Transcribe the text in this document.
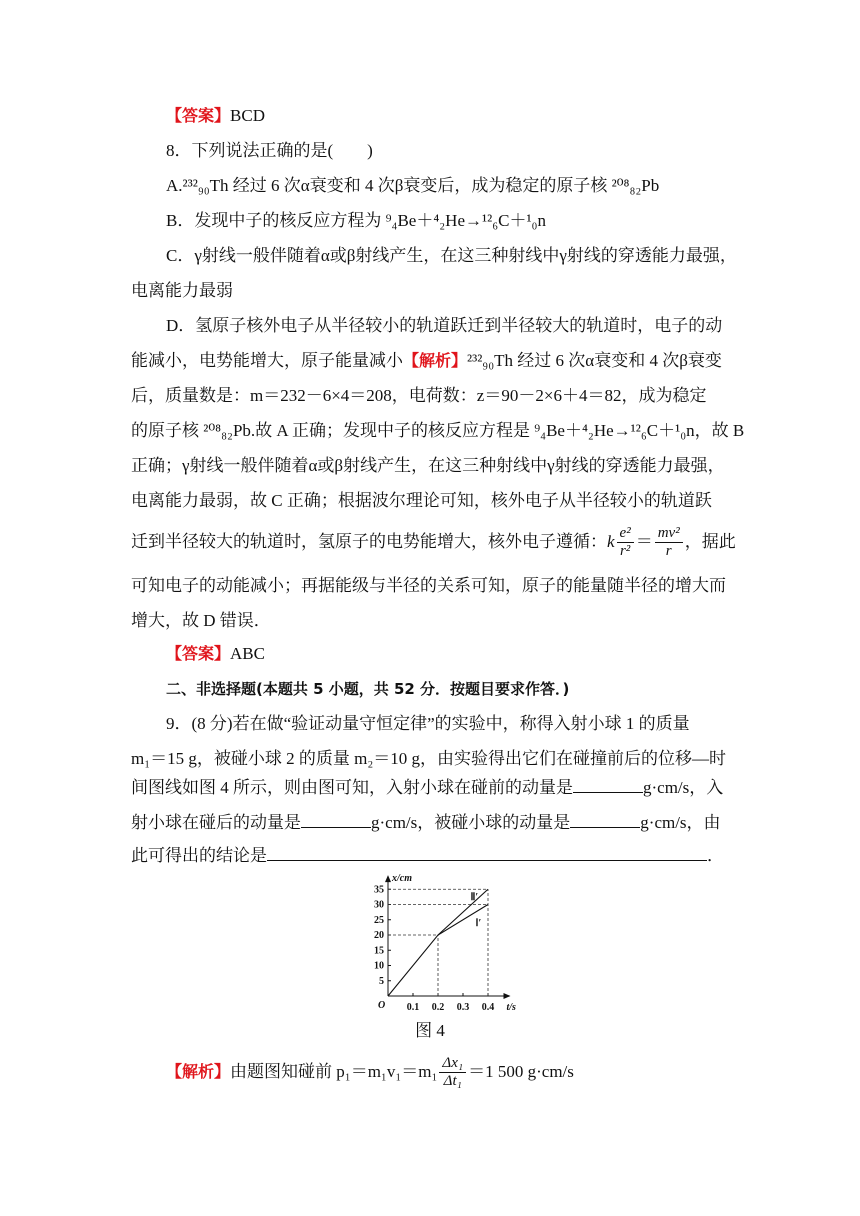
【答案】BCD
8．下列说法正确的是(　　)
A.²³²₉₀Th 经过 6 次α衰变和 4 次β衰变后，成为稳定的原子核 ²⁰⁸₈₂Pb
B．发现中子的核反应方程为 ⁹₄Be＋⁴₂He→¹²₆C＋¹₀n
C．γ射线一般伴随着α或β射线产生，在这三种射线中γ射线的穿透能力最强，
电离能力最弱
D．氢原子核外电子从半径较小的轨道跃迁到半径较大的轨道时，电子的动
能减小，电势能增大，原子能量减小【解析】²³²₉₀Th 经过 6 次α衰变和 4 次β衰变
后，质量数是：m＝232－6×4＝208，电荷数：z＝90－2×6＋4＝82，成为稳定
的原子核 ²⁰⁸₈₂Pb.故 A 正确；发现中子的核反应方程是 ⁹₄Be＋⁴₂He→¹²₆C＋¹₀n，故 B
正确；γ射线一般伴随着α或β射线产生，在这三种射线中γ射线的穿透能力最强，
电离能力最弱，故 C 正确；根据波尔理论可知，核外电子从半径较小的轨道跃
迁到半径较大的轨道时，氢原子的电势能增大，核外电子遵循： k $\frac{\text{e²}}{\text{r²}} = \frac{\text{mv²}}{r}$ ，据此
可知电子的动能减小；再据能级与半径的关系可知，原子的能量随半径的增大而
增大，故 D 错误．
【答案】ABC
二、非选择题(本题共 5 小题，共 52 分．按题目要求作答．)
9．(8 分)若在做“验证动量守恒定律”的实验中，称得入射小球 1 的质量
m₁＝15 g，被碰小球 2 的质量 m₂＝10 g，由实验得出它们在碰撞前后的位移—时
间图线如图 4 所示，则由图可知，入射小球在碰前的动量是	g·cm/s，入
射小球在碰后的动量是	g·cm/s，被碰小球的动量是	g·cm/s，由
此可得出的结论是	．
x/cm
t/s
O 0.1 0.2 0.3 0.4
5
10
15
20
25
30
35
Ⅰ′
Ⅱ′
图 4
【解析】 由题图知碰前 $p_1=m_1v_1=m_1 \frac{\text{Δx₁}}{\text{Δt₁}} =1$ 500 g·cm/s
